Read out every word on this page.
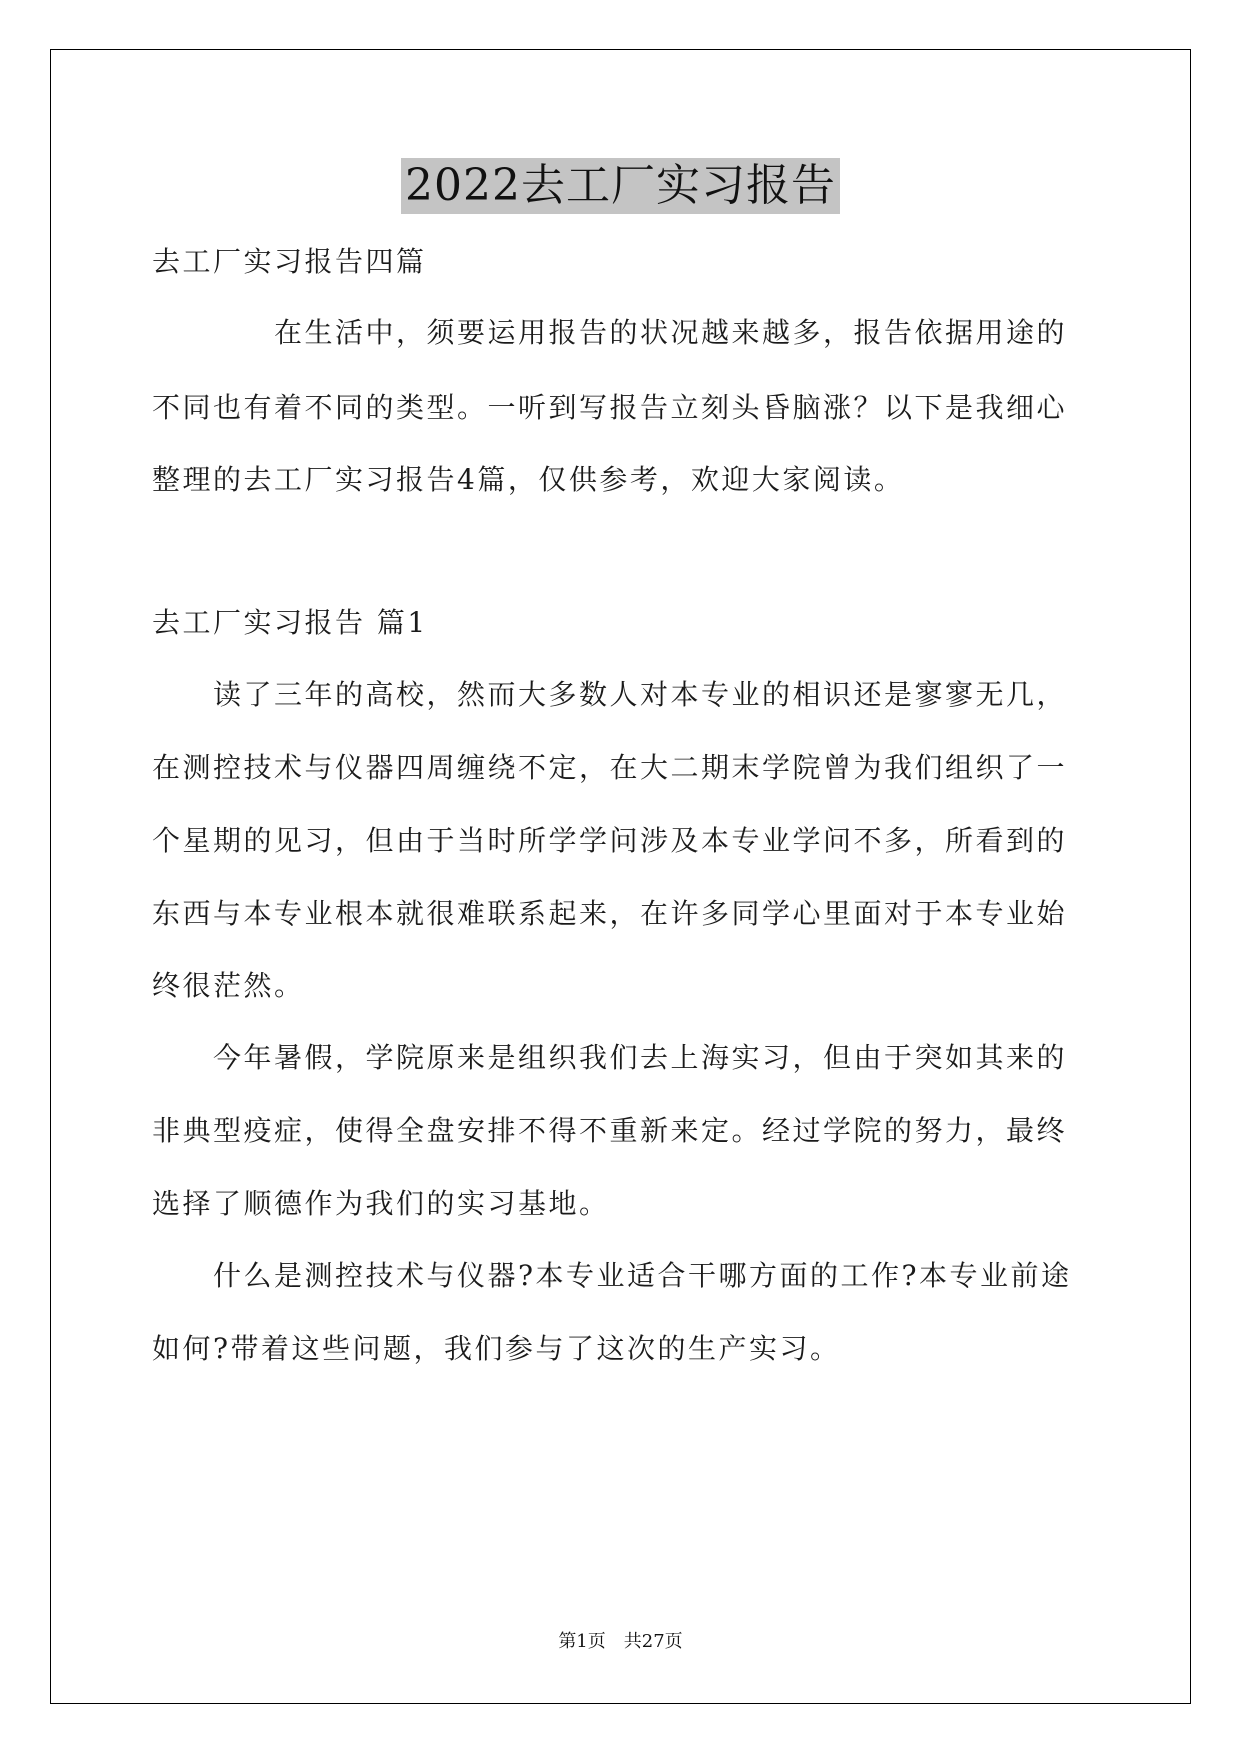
2022去工厂实习报告
去工厂实习报告四篇
　　　　在生活中，须要运用报告的状况越来越多，报告依据用途的
不同也有着不同的类型。一听到写报告立刻头昏脑涨？以下是我细心
整理的去工厂实习报告4篇，仅供参考，欢迎大家阅读。
去工厂实习报告 篇1
　　读了三年的高校，然而大多数人对本专业的相识还是寥寥无几，
在测控技术与仪器四周缠绕不定，在大二期末学院曾为我们组织了一
个星期的见习，但由于当时所学学问涉及本专业学问不多，所看到的
东西与本专业根本就很难联系起来，在许多同学心里面对于本专业始
终很茫然。
　　今年暑假，学院原来是组织我们去上海实习，但由于突如其来的
非典型疫症，使得全盘安排不得不重新来定。经过学院的努力，最终
选择了顺德作为我们的实习基地。
　　什么是测控技术与仪器?本专业适合干哪方面的工作?本专业前途
如何?带着这些问题，我们参与了这次的生产实习。
第1页　共27页
